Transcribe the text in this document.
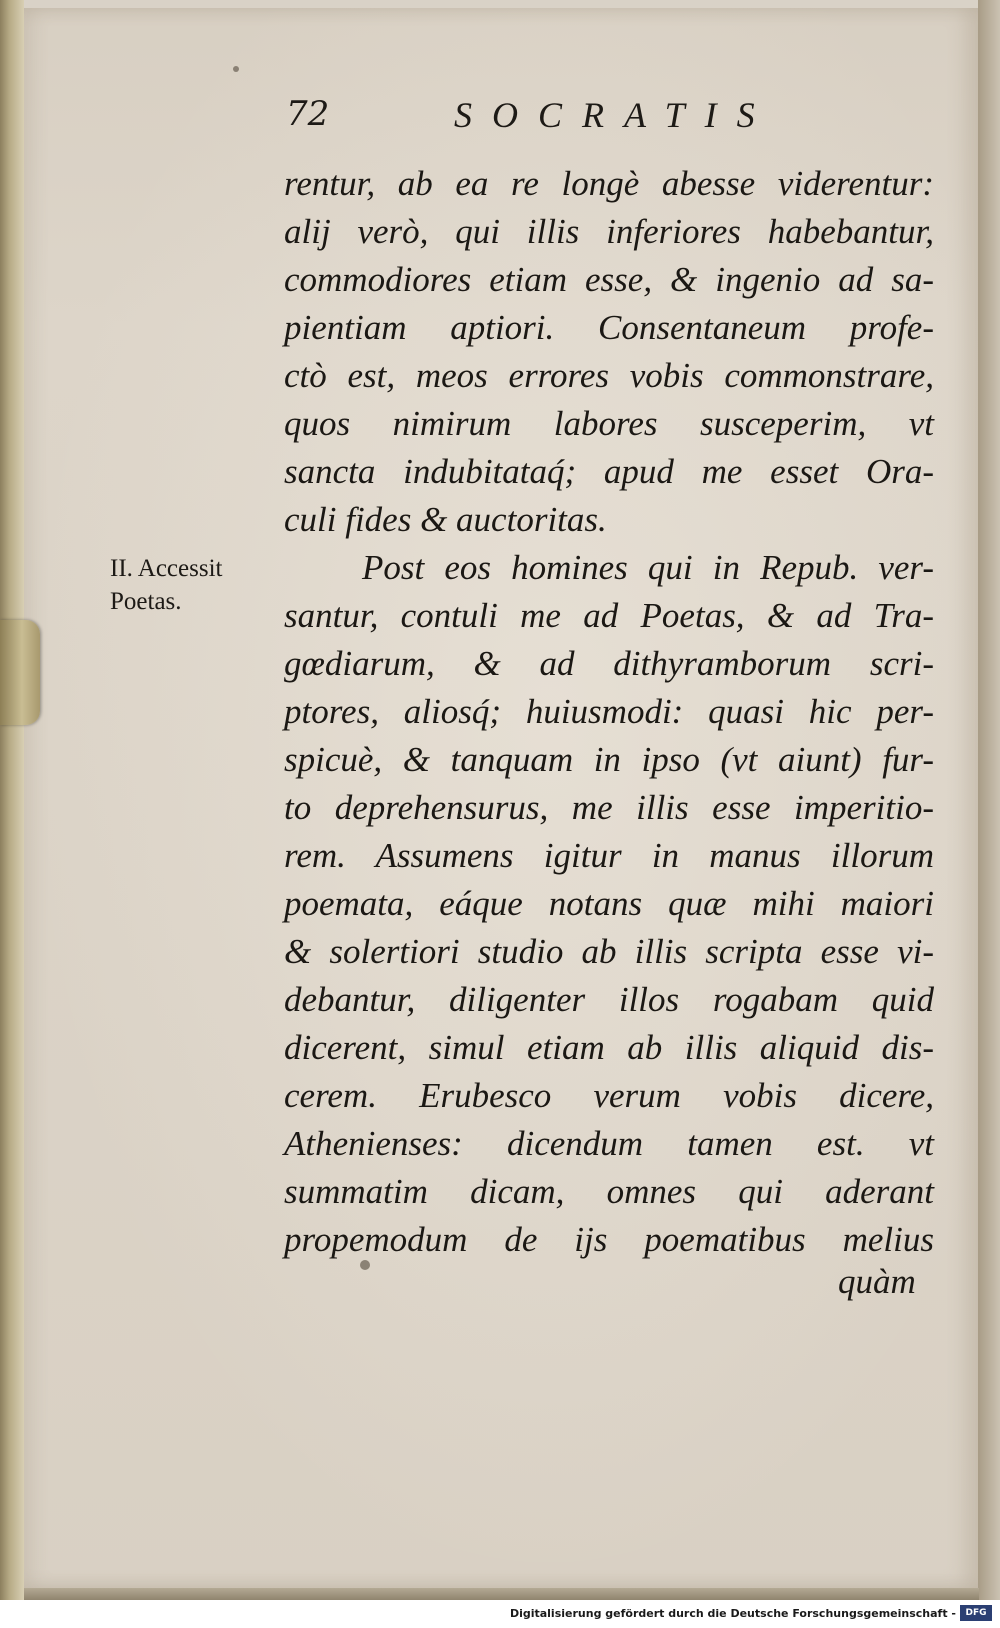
72	SOCRATIS
II. Accessit
Poetas.
rentur, ab ea re longè abesse viderentur:
alij verò, qui illis inferiores habebantur,
commodiores etiam esse, & ingenio ad sa-
pientiam aptiori. Consentaneum profe-
ctò est, meos errores vobis commonstrare,
quos nimirum labores susceperim, vt
sancta indubitataq́; apud me esset Ora-
culi fides & auctoritas.
Post eos homines qui in Repub. ver-
santur, contuli me ad Poetas, & ad Tra-
gœdiarum, & ad dithyramborum scri-
ptores, aliosq́; huiusmodi: quasi hic per-
spicuè, & tanquam in ipso (vt aiunt) fur-
to deprehensurus, me illis esse imperitio-
rem. Assumens igitur in manus illorum
poemata, eáque notans quæ mihi maiori
& solertiori studio ab illis scripta esse vi-
debantur, diligenter illos rogabam quid
dicerent, simul etiam ab illis aliquid dis-
cerem. Erubesco verum vobis dicere,
Athenienses: dicendum tamen est. vt
summatim dicam, omnes qui aderant
propemodum de ijs poematibus melius
quàm
Digitalisierung gefördert durch die Deutsche Forschungsgemeinschaft -	DFG
